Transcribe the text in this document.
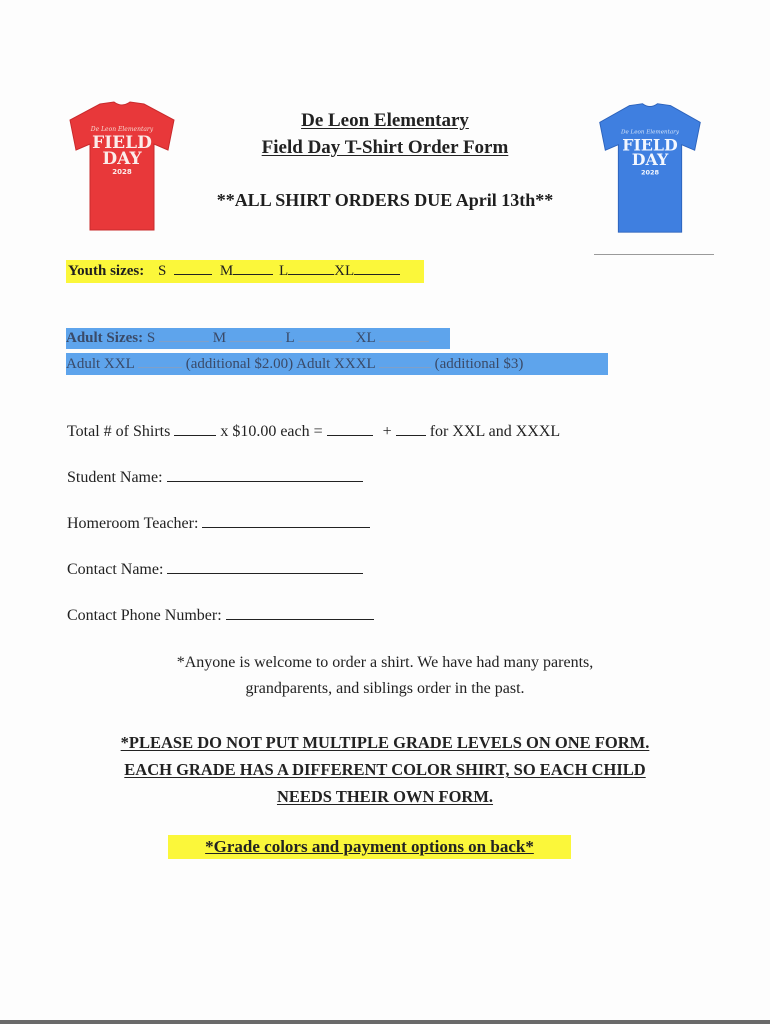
De Leon Elementary
Field Day T-Shirt Order Form
**ALL SHIRT ORDERS DUE April 13th**
De Leon Elementary
FIELD
DAY
2028
De Leon Elementary
FIELD
DAY
2028
Youth sizes: S	M	L	XL
Adult Sizes: S	M	L	XL
Adult XXL	(additional $2.00) Adult XXXL	(additional $3)
Total # of Shirts	x $10.00 each =	+ for XXL and XXXL
Student Name:
Homeroom Teacher:
Contact Name:
Contact Phone Number:
*Anyone is welcome to order a shirt. We have had many parents,
grandparents, and siblings order in the past.
*PLEASE DO NOT PUT MULTIPLE GRADE LEVELS ON ONE FORM.
EACH GRADE HAS A DIFFERENT COLOR SHIRT, SO EACH CHILD
NEEDS THEIR OWN FORM.
*Grade colors and payment options on back*
